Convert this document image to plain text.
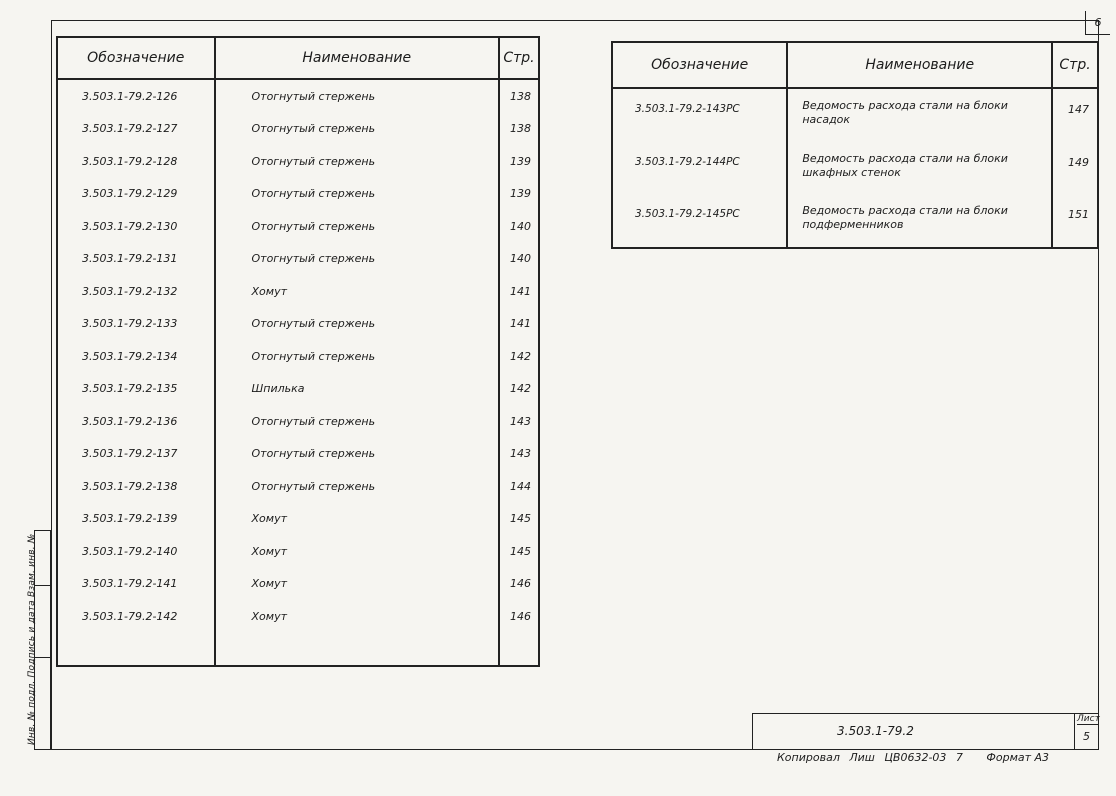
6
Обозначение	Наименование	Стр.
3.503.1-79.2-126	Отогнутый стержень	138
3.503.1-79.2-127	Отогнутый стержень	138
3.503.1-79.2-128	Отогнутый стержень	139
3.503.1-79.2-129	Отогнутый стержень	139
3.503.1-79.2-130	Отогнутый стержень	140
3.503.1-79.2-131	Отогнутый стержень	140
3.503.1-79.2-132	Хомут	141
3.503.1-79.2-133	Отогнутый стержень	141
3.503.1-79.2-134	Отогнутый стержень	142
3.503.1-79.2-135	Шпилька	142
3.503.1-79.2-136	Отогнутый стержень	143
3.503.1-79.2-137	Отогнутый стержень	143
3.503.1-79.2-138	Отогнутый стержень	144
3.503.1-79.2-139	Хомут	145
3.503.1-79.2-140	Хомут	145
3.503.1-79.2-141	Хомут	146
3.503.1-79.2-142	Хомут	146

Обозначение	Наименование	Стр.
3.503.1-79.2-143РС	Ведомость расхода стали на блоки насадок	147
3.503.1-79.2-144РС	Ведомость расхода стали на блоки шкафных стенок	149
3.503.1-79.2-145РС	Ведомость расхода стали на блоки подферменников	151

Инв. № подл. Подпись и дата Взам. инв. №	3.503.1-79.2
Лист
5
Копировал Лиш ЦВ0632-03 7 Формат А3
